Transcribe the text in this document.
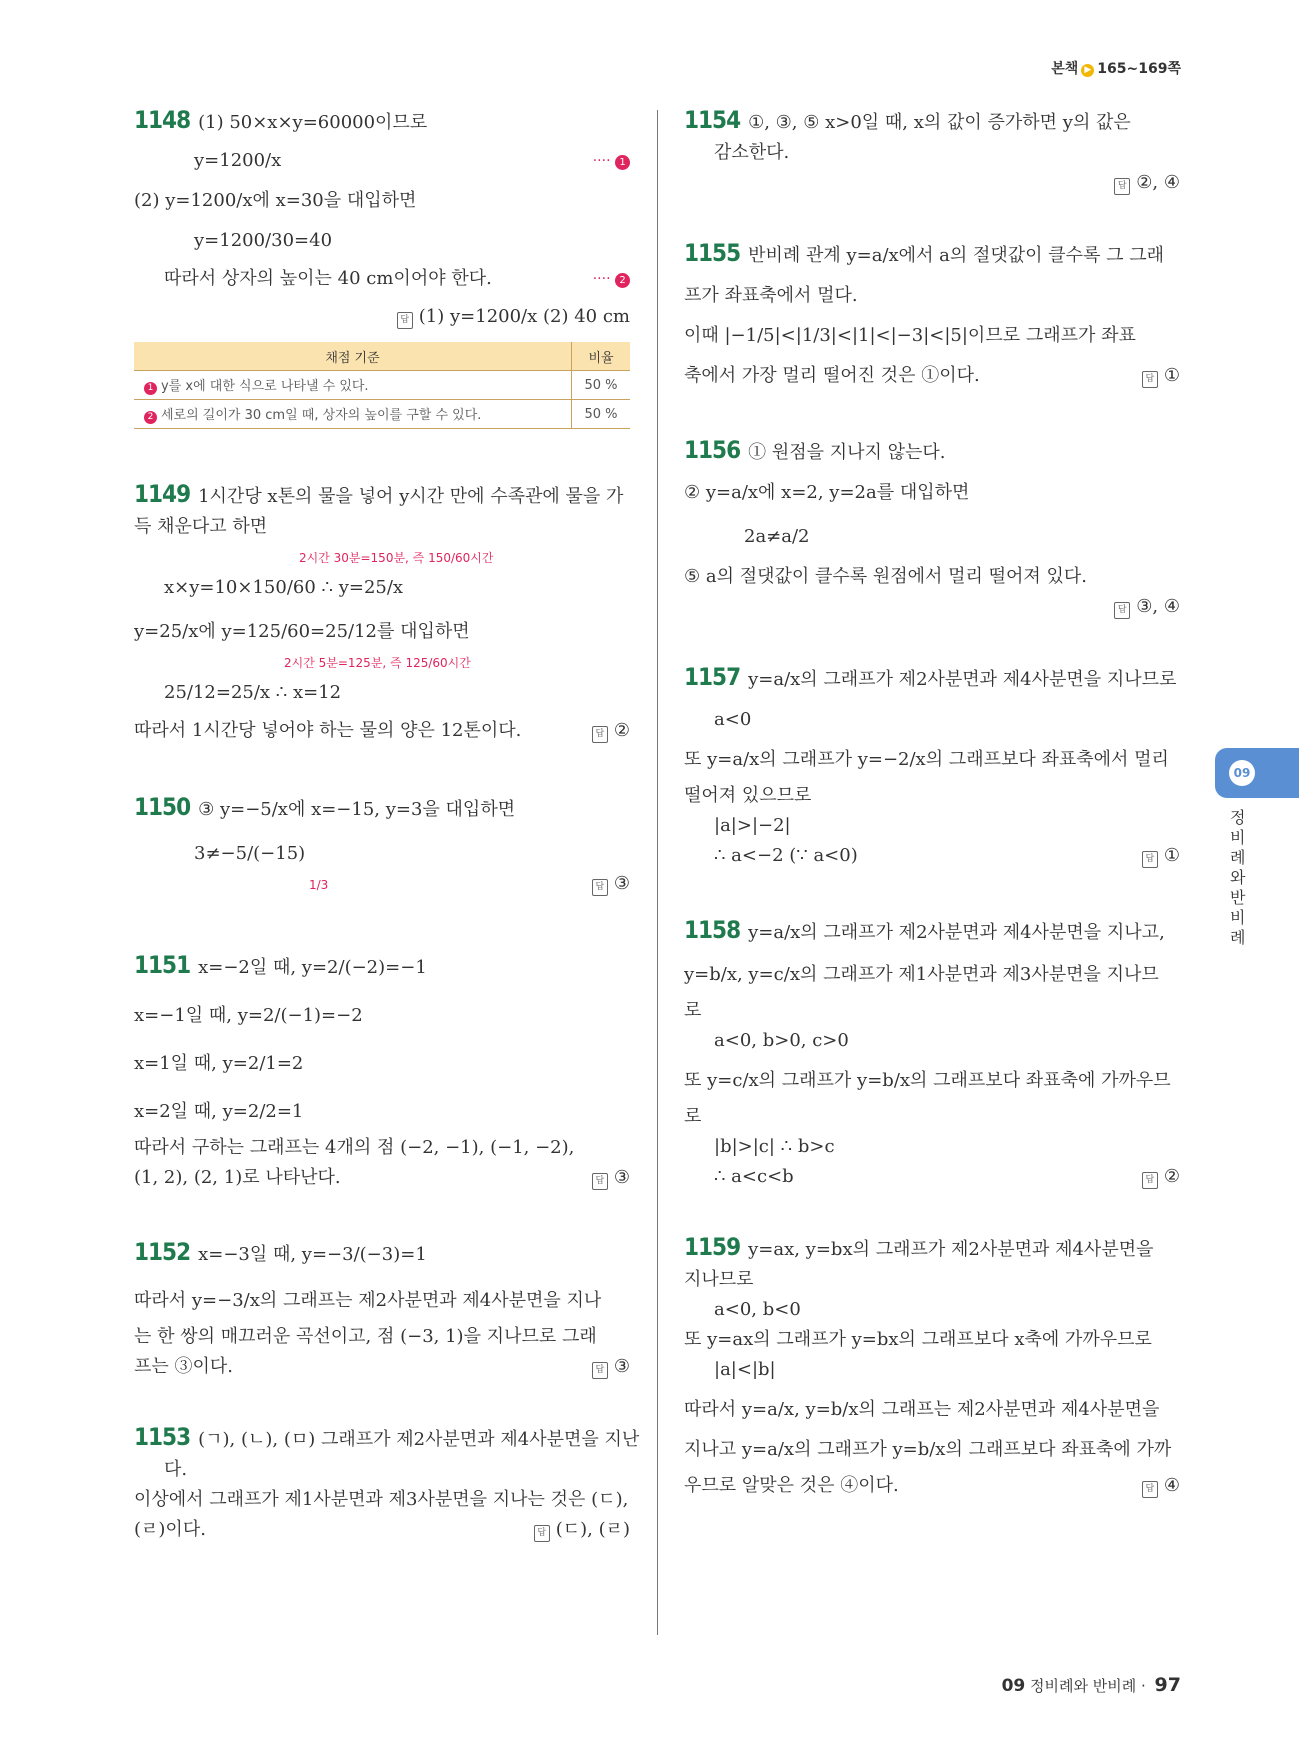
본책 ▶ 165~169쪽
1148 (1) 50×x×y=60000이므로
y=1200/x	···· 1
(2) y=1200/x에 x=30을 대입하면
y=1200/30=40
따라서 상자의 높이는 40 cm이어야 한다.	···· 2
답 (1) y=1200/x (2) 40 cm
채점 기준	비율
1 y를 x에 대한 식으로 나타낼 수 있다.	50 %
2 세로의 길이가 30 cm일 때, 상자의 높이를 구할 수 있다.	50 %
1149 1시간당 x톤의 물을 넣어 y시간 만에 수족관에 물을 가
득 채운다고 하면
2시간 30분=150분, 즉 150/60시간
x×y=10×150/60 ∴ y=25/x
y=25/x에 y=125/60=25/12를 대입하면
2시간 5분=125분, 즉 125/60시간
25/12=25/x ∴ x=12
따라서 1시간당 넣어야 하는 물의 양은 12톤이다.	답 ②
1150 ③ y=−5/x에 x=−15, y=3을 대입하면
3≠−5/(−15)
1/3	답 ③
1151 x=−2일 때, y=2/(−2)=−1
x=−1일 때, y=2/(−1)=−2
x=1일 때, y=2/1=2
x=2일 때, y=2/2=1
따라서 구하는 그래프는 4개의 점 (−2, −1), (−1, −2),
(1, 2), (2, 1)로 나타난다.	답 ③
1152 x=−3일 때, y=−3/(−3)=1
따라서 y=−3/x의 그래프는 제2사분면과 제4사분면을 지나
는 한 쌍의 매끄러운 곡선이고, 점 (−3, 1)을 지나므로 그래
프는 ③이다.	답 ③
1153 (ㄱ), (ㄴ), (ㅁ) 그래프가 제2사분면과 제4사분면을 지난
다.
이상에서 그래프가 제1사분면과 제3사분면을 지나는 것은 (ㄷ),
(ㄹ)이다.	답 (ㄷ), (ㄹ)
1154 ①, ③, ⑤ x>0일 때, x의 값이 증가하면 y의 값은
감소한다.
답 ②, ④
1155 반비례 관계 y=a/x에서 a의 절댓값이 클수록 그 그래
프가 좌표축에서 멀다.
이때 |−1/5|<|1/3|<|1|<|−3|<|5|이므로 그래프가 좌표
축에서 가장 멀리 떨어진 것은 ①이다.	답 ①
1156 ① 원점을 지나지 않는다.
② y=a/x에 x=2, y=2a를 대입하면
2a≠a/2
⑤ a의 절댓값이 클수록 원점에서 멀리 떨어져 있다.
답 ③, ④
1157 y=a/x의 그래프가 제2사분면과 제4사분면을 지나므로
a<0
또 y=a/x의 그래프가 y=−2/x의 그래프보다 좌표축에서 멀리
떨어져 있으므로
|a|>|−2|
∴ a<−2 (∵ a<0)	답 ①
1158 y=a/x의 그래프가 제2사분면과 제4사분면을 지나고,
y=b/x, y=c/x의 그래프가 제1사분면과 제3사분면을 지나므
로
a<0, b>0, c>0
또 y=c/x의 그래프가 y=b/x의 그래프보다 좌표축에 가까우므
로
|b|>|c| ∴ b>c
∴ a<c<b	답 ②
1159 y=ax, y=bx의 그래프가 제2사분면과 제4사분면을
지나므로
a<0, b<0
또 y=ax의 그래프가 y=bx의 그래프보다 x축에 가까우므로
|a|<|b|
따라서 y=a/x, y=b/x의 그래프는 제2사분면과 제4사분면을
지나고 y=a/x의 그래프가 y=b/x의 그래프보다 좌표축에 가까
우므로 알맞은 것은 ④이다.	답 ④
09
정비례와 반비례
09 정비례와 반비례 · 97
